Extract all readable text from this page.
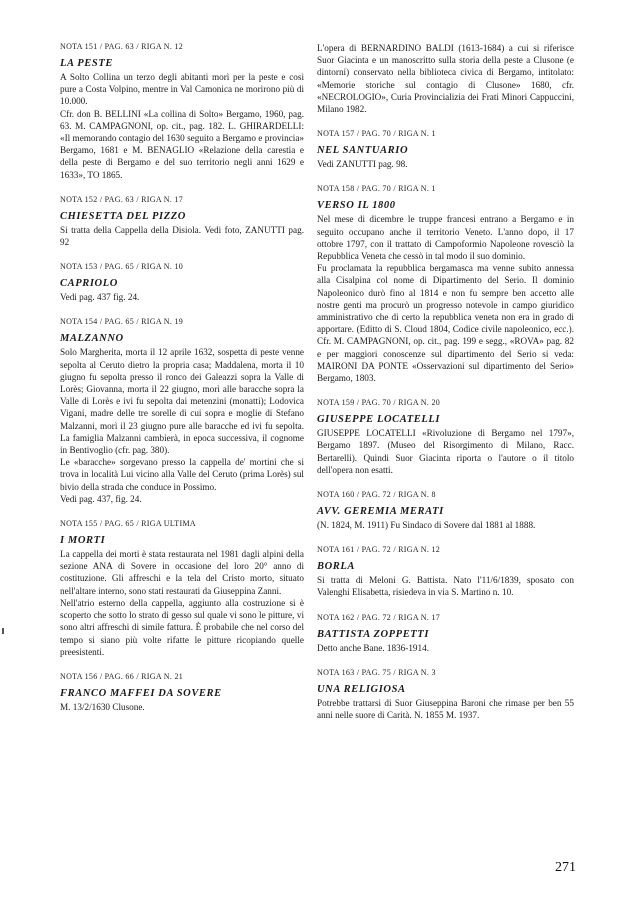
NOTA 151 / PAG. 63 / RIGA N. 12
LA PESTE

A Solto Collina un terzo degli abitanti morì per la peste e così pure a Costa Volpino, mentre in Val Camonica ne morirono più di 10.000.

Cfr. don B. BELLINI «La collina di Solto» Bergamo, 1960, pag. 63. M. CAMPAGNONI, op. cit., pag. 182. L. GHIRARDELLI: «Il memorando contagio del 1630 seguito a Bergamo e provincia» Bergamo, 1681 e M. BENAGLIO «Relazione della carestia e della peste di Bergamo e del suo territorio negli anni 1629 e 1633», TO 1865.

NOTA 152 / PAG. 63 / RIGA N. 17
CHIESETTA DEL PIZZO

Si tratta della Cappella della Disiola. Vedi foto, ZANUTTI pag. 92

NOTA 153 / PAG. 65 / RIGA N. 10
CAPRIOLO

Vedi pag. 437 fig. 24.

NOTA 154 / PAG. 65 / RIGA N. 19
MALZANNO

Solo Margherita, morta il 12 aprile 1632, sospetta di peste venne sepolta al Ceruto dietro la propria casa; Maddalena, morta il 10 giugno fu sepolta presso il ronco dei Galeazzi sopra la Valle di Lorès; Giovanna, morta il 22 giugno, morì alle baracche sopra la Valle di Lorès e ivi fu sepolta dai metenzini (monatti); Lodovica Vigani, madre delle tre sorelle di cui sopra e moglie di Stefano Malzanni, morì il 23 giugno pure alle baracche ed ivi fu sepolta. La famiglia Malzanni cambierà, in epoca successiva, il cognome in Bentivoglio (cfr. pag. 380).

Le «baracche» sorgevano presso la cappella de' mortini che si trova in località Lui vicino alla Valle del Ceruto (prima Lorès) sul bivio della strada che conduce in Possimo.

Vedi pag. 437, fig. 24.

NOTA 155 / PAG. 65 / RIGA ULTIMA
I MORTI

La cappella dei morti è stata restaurata nel 1981 dagli alpini della sezione ANA di Sovere in occasione del loro 20° anno di costituzione. Gli affreschi e la tela del Cristo morto, situato nell'altare interno, sono stati restaurati da Giuseppina Zanni.

Nell'atrio esterno della cappella, aggiunto alla costruzione si è scoperto che sotto lo strato di gesso sul quale vi sono le pitture, vi sono altri affreschi di simile fattura. È probabile che nel corso del tempo si siano più volte rifatte le pitture ricopiando quelle preesistenti.

NOTA 156 / PAG. 66 / RIGA N. 21
FRANCO MAFFEI DA SOVERE

M. 13/2/1630 Clusone.

L'opera di BERNARDINO BALDI (1613-1684) a cui si riferisce Suor Giacinta e un manoscritto sulla storia della peste a Clusone (e dintorni) conservato nella biblioteca civica di Bergamo, intitolato: «Memorie storiche sul contagio di Clusone» 1680, cfr. «NECROLOGIO», Curia Provincializia dei Frati Minori Cappuccini, Milano 1982.

NOTA 157 / PAG. 70 / RIGA N. 1
NEL SANTUARIO

Vedi ZANUTTI pag. 98.

NOTA 158 / PAG. 70 / RIGA N. 1
VERSO IL 1800

Nel mese di dicembre le truppe francesi entrano a Bergamo e in seguito occupano anche il territorio Veneto. L'anno dopo, il 17 ottobre 1797, con il trattato di Campoformio Napoleone rovesciò la Repubblica Veneta che cessò in tal modo il suo dominio.

Fu proclamata la repubblica bergamasca ma venne subito annessa alla Cisalpina col nome di Dipartimento del Serio. Il dominio Napoleonico durò fino al 1814 e non fu sempre ben accetto alle nostre genti ma procurò un progresso notevole in campo giuridico amministrativo che di certo la repubblica veneta non era in grado di apportare. (Editto di S. Cloud 1804, Codice civile napoleonico, ecc.). Cfr. M. CAMPAGNONI, op. cit., pag. 199 e segg., «ROVA» pag. 82 e per maggiori conoscenze sul dipartimento del Serio si veda: MAIRONI DA PONTE «Osservazioni sul dipartimento del Serio» Bergamo, 1803.

NOTA 159 / PAG. 70 / RIGA N. 20
GIUSEPPE LOCATELLI

GIUSEPPE LOCATELLI «Rivoluzione di Bergamo nel 1797», Bergamo 1897. (Museo del Risorgimento di Milano, Racc. Bertarelli). Quindi Suor Giacinta riporta o l'autore o il titolo dell'opera non esatti.

NOTA 160 / PAG. 72 / RIGA N. 8
AVV. GEREMIA MERATI

(N. 1824, M. 1911) Fu Sindaco di Sovere dal 1881 al 1888.

NOTA 161 / PAG. 72 / RIGA N. 12
BORLA

Si tratta di Meloni G. Battista. Nato l'11/6/1839, sposato con Valenghi Elisabetta, risiedeva in via S. Martino n. 10.

NOTA 162 / PAG. 72 / RIGA N. 17
BATTISTA ZOPPETTI

Detto anche Bane. 1836-1914.

NOTA 163 / PAG. 75 / RIGA N. 3
UNA RELIGIOSA

Potrebbe trattarsi di Suor Giuseppina Baroni che rimase per ben 55 anni nelle suore di Carità. N. 1855 M. 1937.

271
